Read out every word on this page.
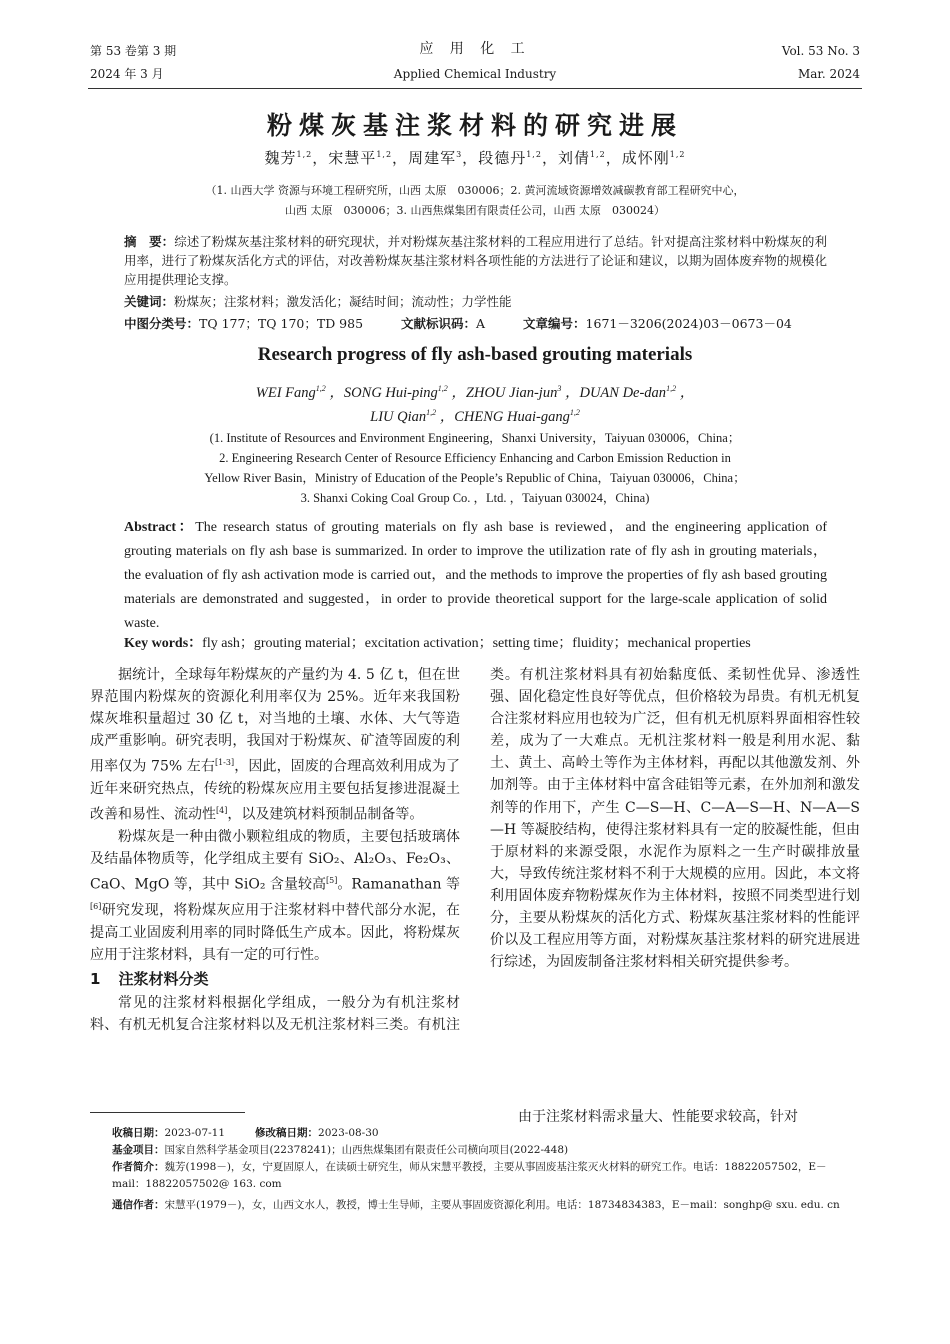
第 53 卷第 3 期
2024 年 3 月
应 用 化 工
Applied Chemical Industry
Vol. 53 No. 3
Mar. 2024
粉煤灰基注浆材料的研究进展
魏芳$^{1,2}$，宋慧平$^{1,2}$，周建军$^3$，段德丹$^{1,2}$，刘倩$^{1,2}$，成怀刚$^{1,2}$
（1. 山西大学 资源与环境工程研究所，山西 太原　030006；2. 黄河流域资源增效减碳教育部工程研究中心，
山西 太原　030006；3. 山西焦煤集团有限责任公司，山西 太原　030024）
摘　要：综述了粉煤灰基注浆材料的研究现状，并对粉煤灰基注浆材料的工程应用进行了总结。针对提高注浆材料中粉煤灰的利用率，进行了粉煤灰活化方式的评估，对改善粉煤灰基注浆材料各项性能的方法进行了论证和建议，以期为固体废弃物的规模化应用提供理论支撑。
关键词：粉煤灰；注浆材料；激发活化；凝结时间；流动性；力学性能
中图分类号：TQ 177；TQ 170；TD 985	文献标识码：A	文章编号：1671－3206(2024)03－0673－04
Research progress of fly ash-based grouting materials
WEI Fang$^{1,2}$ ，SONG Hui-ping$^{1,2}$ ，ZHOU Jian-jun$^3$ ，DUAN De-dan$^{1,2}$ ，
LIU Qian$^{1,2}$ ，CHENG Huai-gang$^{1,2}$
(1. Institute of Resources and Environment Engineering，Shanxi University，Taiyuan 030006，China；
2. Engineering Research Center of Resource Efficiency Enhancing and Carbon Emission Reduction in
Yellow River Basin，Ministry of Education of the People’s Republic of China，Taiyuan 030006，China；
3. Shanxi Coking Coal Group Co. ，Ltd. ，Taiyuan 030024，China)
Abstract：The research status of grouting materials on fly ash base is reviewed，and the engineering application of grouting materials on fly ash base is summarized. In order to improve the utilization rate of fly ash in grouting materials，the evaluation of fly ash activation mode is carried out，and the methods to improve the properties of fly ash based grouting materials are demonstrated and suggested，in order to provide theoretical support for the large-scale application of solid waste.
Key words：fly ash；grouting material；excitation activation；setting time；fluidity；mechanical properties

据统计，全球每年粉煤灰的产量约为 4. 5 亿 t，但在世界范围内粉煤灰的资源化利用率仅为 25%。近年来我国粉煤灰堆积量超过 30 亿 t，对当地的土壤、水体、大气等造成严重影响。研究表明，我国对于粉煤灰、矿渣等固废的利用率仅为 75% 左右[1-3]，因此，固废的合理高效利用成为了近年来研究热点，传统的粉煤灰应用主要包括复掺进混凝土改善和易性、流动性[4]，以及建筑材料预制品制备等。

粉煤灰是一种由微小颗粒组成的物质，主要包括玻璃体及结晶体物质等，化学组成主要有 SiO₂、Al₂O₃、Fe₂O₃、CaO、MgO 等，其中 SiO₂ 含量较高[5]。Ramanathan 等[6]研究发现，将粉煤灰应用于注浆材料中替代部分水泥，在提高工业固废利用率的同时降低生产成本。因此，将粉煤灰应用于注浆材料，具有一定的可行性。

1 注浆材料分类

常见的注浆材料根据化学组成，一般分为有机注浆材料、有机无机复合注浆材料以及无机注浆材料三类。有机注

类。有机注浆材料具有初始黏度低、柔韧性优异、渗透性强、固化稳定性良好等优点，但价格较为昂贵。有机无机复合注浆材料应用也较为广泛，但有机无机原料界面相容性较差，成为了一大难点。无机注浆材料一般是利用水泥、黏土、黄土、高岭土等作为主体材料，再配以其他激发剂、外加剂等。由于主体材料中富含硅铝等元素，在外加剂和激发剂等的作用下，产生 C—S—H、C—A—S—H、N—A—S—H 等凝胶结构，使得注浆材料具有一定的胶凝性能，但由于原材料的来源受限，水泥作为原料之一生产时碳排放量大，导致传统注浆材料不利于大规模的应用。因此，本文将利用固体废弃物粉煤灰作为主体材料，按照不同类型进行划分，主要从粉煤灰的活化方式、粉煤灰基注浆材料的性能评价以及工程应用等方面，对粉煤灰基注浆材料的研究进展进行综述，为固废制备注浆材料相关研究提供参考。

由于注浆材料需求量大、性能要求较高，针对

收稿日期：2023-07-11	修改稿日期：2023-08-30

基金项目：国家自然科学基金项目(22378241)；山西焦煤集团有限责任公司横向项目(2022-448)

作者简介：魏芳(1998－)，女，宁夏固原人，在读硕士研究生，师从宋慧平教授，主要从事固废基注浆灭火材料的研究工作。电话：18822057502，E－mail：18822057502@ 163. com

通信作者：宋慧平(1979－)，女，山西文水人，教授，博士生导师，主要从事固废资源化利用。电话：18734834383，E－mail：songhp@ sxu. edu. cn
